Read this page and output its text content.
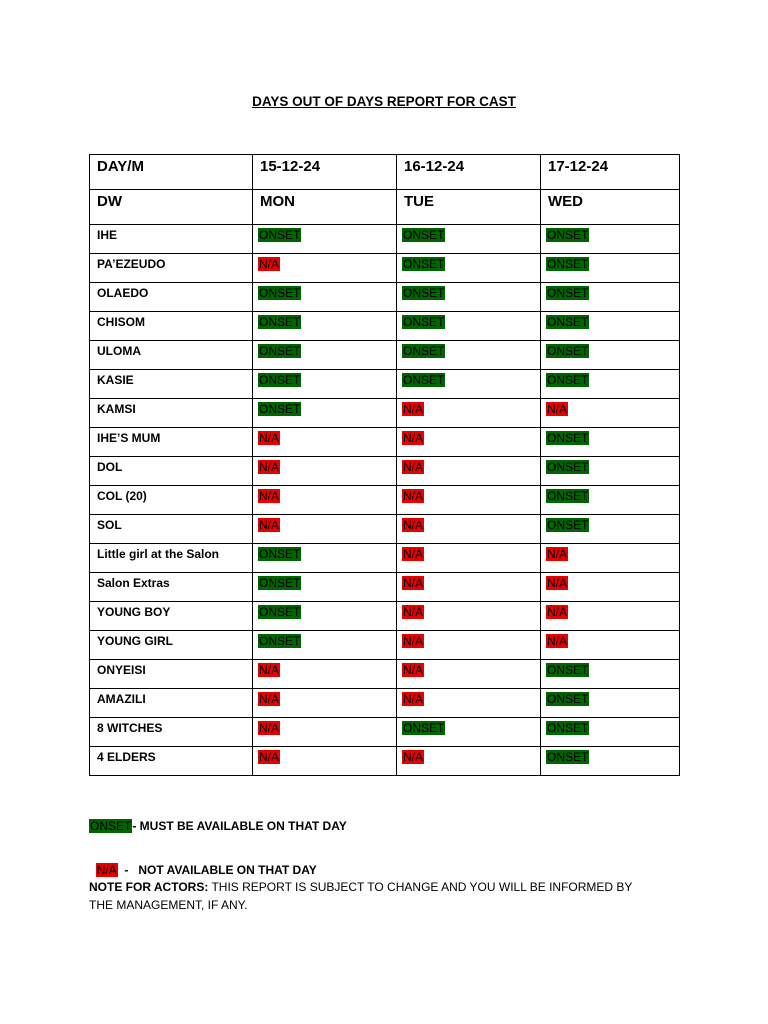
DAYS OUT OF DAYS REPORT FOR CAST
DAY/M	15-12-24	16-12-24	17-12-24
DW	MON	TUE	WED
IHE	ONSET	ONSET	ONSET
PA’EZEUDO	N/A	ONSET	ONSET
OLAEDO	ONSET	ONSET	ONSET
CHISOM	ONSET	ONSET	ONSET
ULOMA	ONSET	ONSET	ONSET
KASIE	ONSET	ONSET	ONSET
KAMSI	ONSET	N/A	N/A
IHE’S MUM	N/A	N/A	ONSET
DOL	N/A	N/A	ONSET
COL (20)	N/A	N/A	ONSET
SOL	N/A	N/A	ONSET
Little girl at the Salon	ONSET	N/A	N/A
Salon Extras	ONSET	N/A	N/A
YOUNG BOY	ONSET	N/A	N/A
YOUNG GIRL	ONSET	N/A	N/A
ONYEISI	N/A	N/A	ONSET
AMAZILI	N/A	N/A	ONSET
8 WITCHES	N/A	ONSET	ONSET
4 ELDERS	N/A	N/A	ONSET
ONSET- MUST BE AVAILABLE ON THAT DAY

N/A  -   NOT AVAILABLE ON THAT DAY

NOTE FOR ACTORS: THIS REPORT IS SUBJECT TO CHANGE AND YOU WILL BE INFORMED BY THE MANAGEMENT, IF ANY.
